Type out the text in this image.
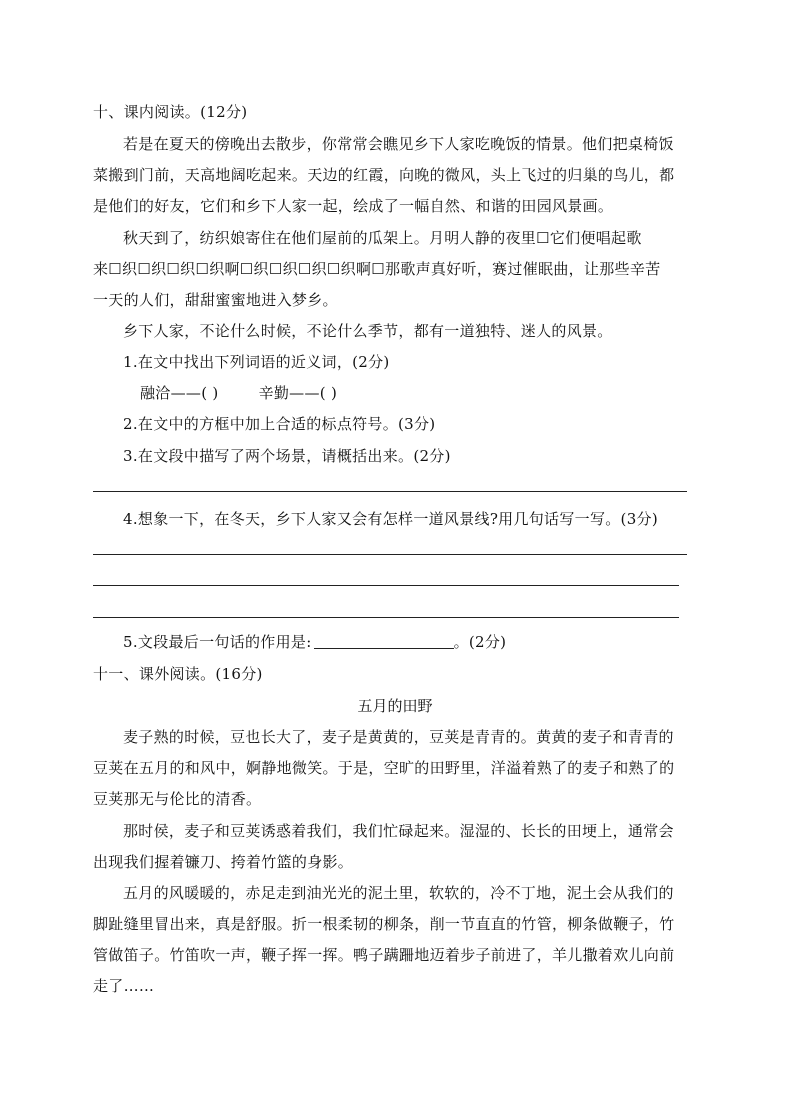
十、课内阅读。(12分)
若是在夏天的傍晚出去散步，你常常会瞧见乡下人家吃晚饭的情景。他们把桌椅饭
菜搬到门前，天高地阔吃起来。天边的红霞，向晚的微风，头上飞过的归巢的鸟儿，都
是他们的好友，它们和乡下人家一起，绘成了一幅自然、和谐的田园风景画。
秋天到了，纺织娘寄住在他们屋前的瓜架上。月明人静的夜里☐它们便唱起歌
来☐织☐织☐织☐织啊☐织☐织☐织☐织啊☐那歌声真好听，赛过催眠曲，让那些辛苦
一天的人们，甜甜蜜蜜地进入梦乡。
乡下人家，不论什么时候，不论什么季节，都有一道独特、迷人的风景。
1.在文中找出下列词语的近义词，(2分)
融洽——( )	辛勤——( )
2.在文中的方框中加上合适的标点符号。(3分)
3.在文段中描写了两个场景，请概括出来。(2分)
4.想象一下，在冬天，乡下人家又会有怎样一道风景线?用几句话写一写。(3分)
5.文段最后一句话的作用是:	。(2分)
十一、课外阅读。(16分)
五月的田野
麦子熟的时候，豆也长大了，麦子是黄黄的，豆荚是青青的。黄黄的麦子和青青的
豆荚在五月的和风中，婀静地微笑。于是，空旷的田野里，洋溢着熟了的麦子和熟了的
豆荚那无与伦比的清香。
那时侯，麦子和豆荚诱惑着我们，我们忙碌起来。湿湿的、长长的田埂上，通常会
出现我们握着镰刀、挎着竹篮的身影。
五月的风暖暖的，赤足走到油光光的泥土里，软软的，冷不丁地，泥土会从我们的
脚趾缝里冒出来，真是舒服。折一根柔韧的柳条，削一节直直的竹管，柳条做鞭子，竹
管做笛子。竹笛吹一声，鞭子挥一挥。鸭子蹒跚地迈着步子前进了，羊儿撒着欢儿向前
走了……
